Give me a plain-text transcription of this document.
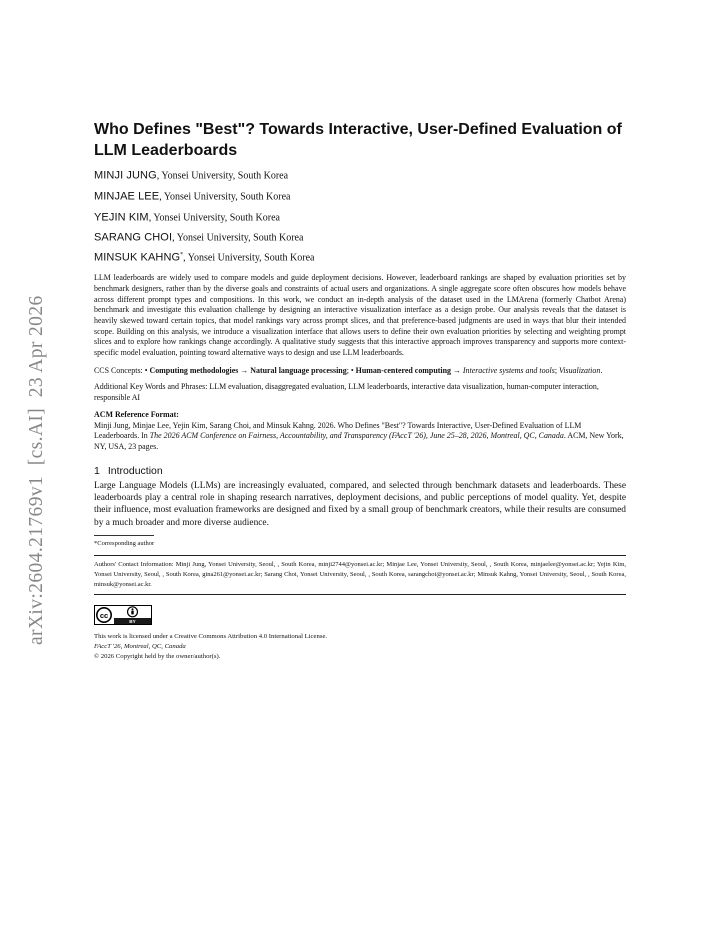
arXiv:2604.21769v1  [cs.AI]  23 Apr 2026
Who Defines "Best"? Towards Interactive, User-Defined Evaluation of LLM Leaderboards
MINJI JUNG, Yonsei University, South Korea
MINJAE LEE, Yonsei University, South Korea
YEJIN KIM, Yonsei University, South Korea
SARANG CHOI, Yonsei University, South Korea
MINSUK KAHNG*, Yonsei University, South Korea
LLM leaderboards are widely used to compare models and guide deployment decisions. However, leaderboard rankings are shaped by evaluation priorities set by benchmark designers, rather than by the diverse goals and constraints of actual users and organizations. A single aggregate score often obscures how models behave across different prompt types and compositions. In this work, we conduct an in-depth analysis of the dataset used in the LMArena (formerly Chatbot Arena) benchmark and investigate this evaluation challenge by designing an interactive visualization interface as a design probe. Our analysis reveals that the dataset is heavily skewed toward certain topics, that model rankings vary across prompt slices, and that preference-based judgments are used in ways that blur their intended scope. Building on this analysis, we introduce a visualization interface that allows users to define their own evaluation priorities by selecting and weighting prompt slices and to explore how rankings change accordingly. A qualitative study suggests that this interactive approach improves transparency and supports more context-specific model evaluation, pointing toward alternative ways to design and use LLM leaderboards.
CCS Concepts: • Computing methodologies → Natural language processing; • Human-centered computing → Interactive systems and tools; Visualization.
Additional Key Words and Phrases: LLM evaluation, disaggregated evaluation, LLM leaderboards, interactive data visualization, human-computer interaction, responsible AI
ACM Reference Format:
Minji Jung, Minjae Lee, Yejin Kim, Sarang Choi, and Minsuk Kahng. 2026. Who Defines "Best"? Towards Interactive, User-Defined Evaluation of LLM Leaderboards. In The 2026 ACM Conference on Fairness, Accountability, and Transparency (FAccT '26), June 25–28, 2026, Montreal, QC, Canada. ACM, New York, NY, USA, 23 pages.
1 Introduction
Large Language Models (LLMs) are increasingly evaluated, compared, and selected through benchmark datasets and leaderboards. These leaderboards play a central role in shaping research narratives, deployment decisions, and public perceptions of model quality. Yet, despite their influence, most evaluation frameworks are designed and fixed by a small group of benchmark creators, while their results are consumed by a much broader and more diverse audience.
*Corresponding author
Authors' Contact Information: Minji Jung, Yonsei University, Seoul, , South Korea, minji2744@yonsei.ac.kr; Minjae Lee, Yonsei University, Seoul, , South Korea, minjaelee@yonsei.ac.kr; Yejin Kim, Yonsei University, Seoul, , South Korea, gina261@yonsei.ac.kr; Sarang Choi, Yonsei University, Seoul, , South Korea, sarangchoi@yonsei.ac.kr; Minsuk Kahng, Yonsei University, Seoul, , South Korea, minsuk@yonsei.ac.kr.
cc
BY
This work is licensed under a Creative Commons Attribution 4.0 International License.
FAccT '26, Montreal, QC, Canada
© 2026 Copyright held by the owner/author(s).
